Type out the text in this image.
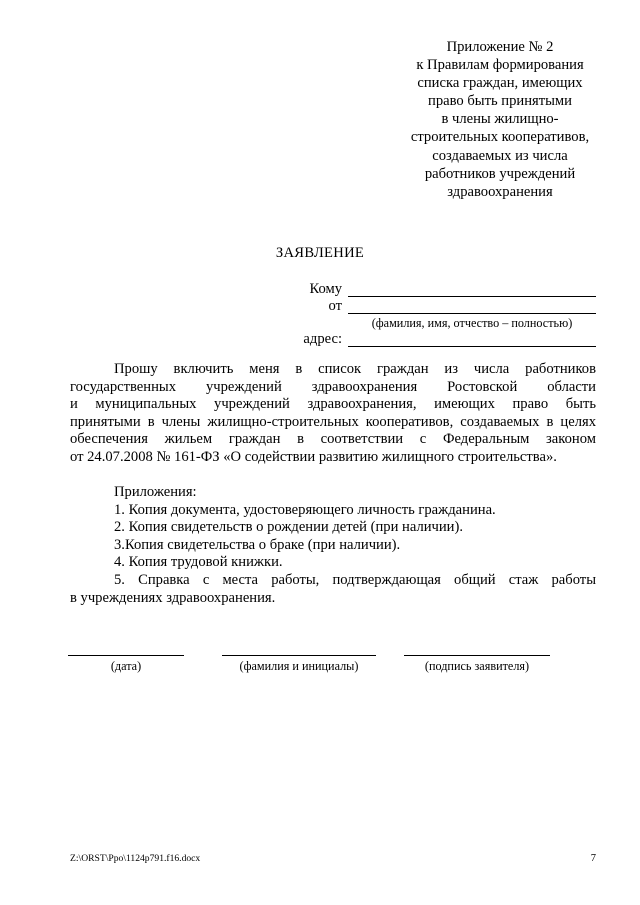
Приложение № 2
к Правилам формирования
списка граждан, имеющих
право быть принятыми
в члены жилищно-
строительных кооперативов,
создаваемых из числа
работников учреждений
здравоохранения
ЗАЯВЛЕНИЕ
Кому
от
(фамилия, имя, отчество – полностью)
адрес:
Прошу включить меня в список граждан из числа работников
государственных учреждений здравоохранения Ростовской области
и муниципальных учреждений здравоохранения, имеющих право быть
принятыми в члены жилищно-строительных кооперативов, создаваемых в целях
обеспечения жильем граждан в соответствии с Федеральным законом
от 24.07.2008 № 161-ФЗ «О содействии развитию жилищного строительства».
Приложения:
1. Копия документа, удостоверяющего личность гражданина.
2. Копия свидетельств о рождении детей (при наличии).
3.Копия свидетельства о браке (при наличии).
4. Копия трудовой книжки.
5. Справка с места работы, подтверждающая общий стаж работы
в учреждениях здравоохранения.
(дата)	(фамилия и инициалы)	(подпись заявителя)
Z:\ORST\Ppo\1124p791.f16.docx	7
